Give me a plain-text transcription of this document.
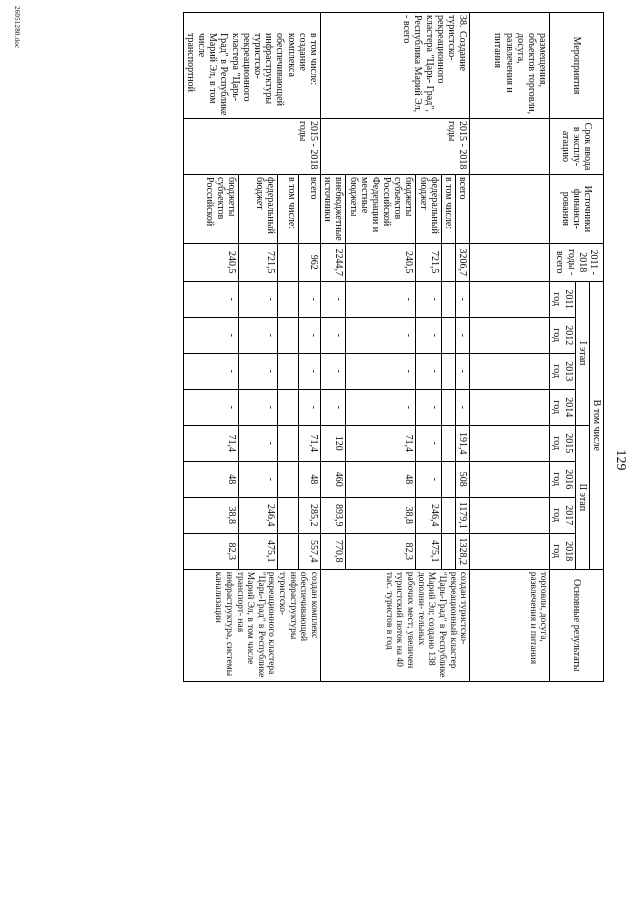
129
Мероприятия	Срок ввода в эксплу- атацию	Источники финанси- рования	2011 - 2018 годы - всего	В том числе								Основные результаты
				I этап				II этап				
				2011 год	2012 год	2013 год	2014 год	2015 год	2016 год	2017 год	2018 год	
размещения, объектов торговли, досуга, развлечения и питания												торговли, досуга, развлечения и питания
38.Создание туристско- рекреационного кластера "Царь- Град", Республика Марий Эл, - всего	2015 - 2018 годы	всего	3206,7	-	-	-	-	191,4	508	1179,1	1328,2	создан туристско- рекреационный кластер "Царь-Град" в Республике Марий Эл; создано 138 дополни- тельных рабочих мест; увеличен туристский поток на 40 тыс. туристов в год
		в том числе:										
		федеральный бюджет	721,5	-	-	-	-	-	-	246,4	475,1	
		бюджеты субъектов Российской Федерации и местные бюджеты	240,5	-	-	-	-	71,4	48	38,8	82,3	
		внебюджетные источники	2244,7	-	-	-	-	120	460	893,9	770,8	
в том числе: создание комплекса обеспечивающей инфраструктуры туристско- рекреационного кластера "Царь- Град" в Республике Марий Эл, в том числе транспортной	2015 - 2018 годы	всего	962	-	-	-	-	71,4	48	285,2	557,4	создан комплекс обеспечивающей инфраструктуры туристско- рекреационного кластера "Царь-Град" в Республике Марий Эл, в том числе транспорт- ная инфраструктура, системы канализации
		в том числе:										
		федеральный бюджет	721,5	-	-	-	-	-	-	246,4	475,1	
		бюджеты субъектов Российской	240,5	-	-	-	-	71,4	48	38,8	82,3	
26051280.doc
